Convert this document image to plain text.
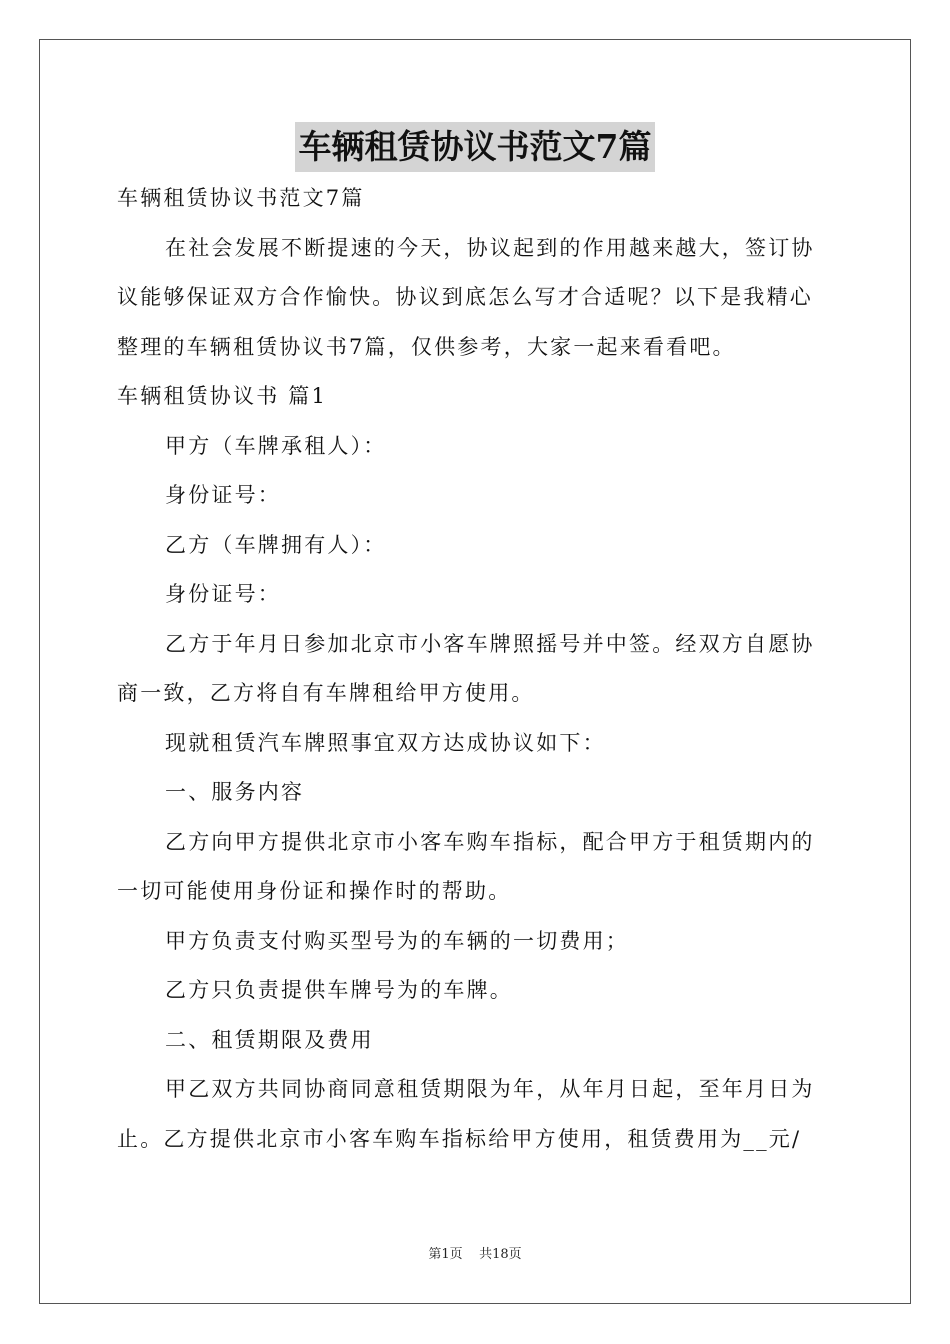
车辆租赁协议书范文7篇

车辆租赁协议书范文7篇

在社会发展不断提速的今天，协议起到的作用越来越大，签订协议能够保证双方合作愉快。协议到底怎么写才合适呢？以下是我精心整理的车辆租赁协议书7篇，仅供参考，大家一起来看看吧。

车辆租赁协议书 篇1

甲方（车牌承租人）：

身份证号：

乙方（车牌拥有人）：

身份证号：

乙方于年月日参加北京市小客车牌照摇号并中签。经双方自愿协商一致，乙方将自有车牌租给甲方使用。

现就租赁汽车牌照事宜双方达成协议如下：

一、服务内容

乙方向甲方提供北京市小客车购车指标，配合甲方于租赁期内的一切可能使用身份证和操作时的帮助。

甲方负责支付购买型号为的车辆的一切费用；

乙方只负责提供车牌号为的车牌。

二、租赁期限及费用

甲乙双方共同协商同意租赁期限为年，从年月日起，至年月日为止。乙方提供北京市小客车购车指标给甲方使用，租赁费用为__元/

第1页 共18页
